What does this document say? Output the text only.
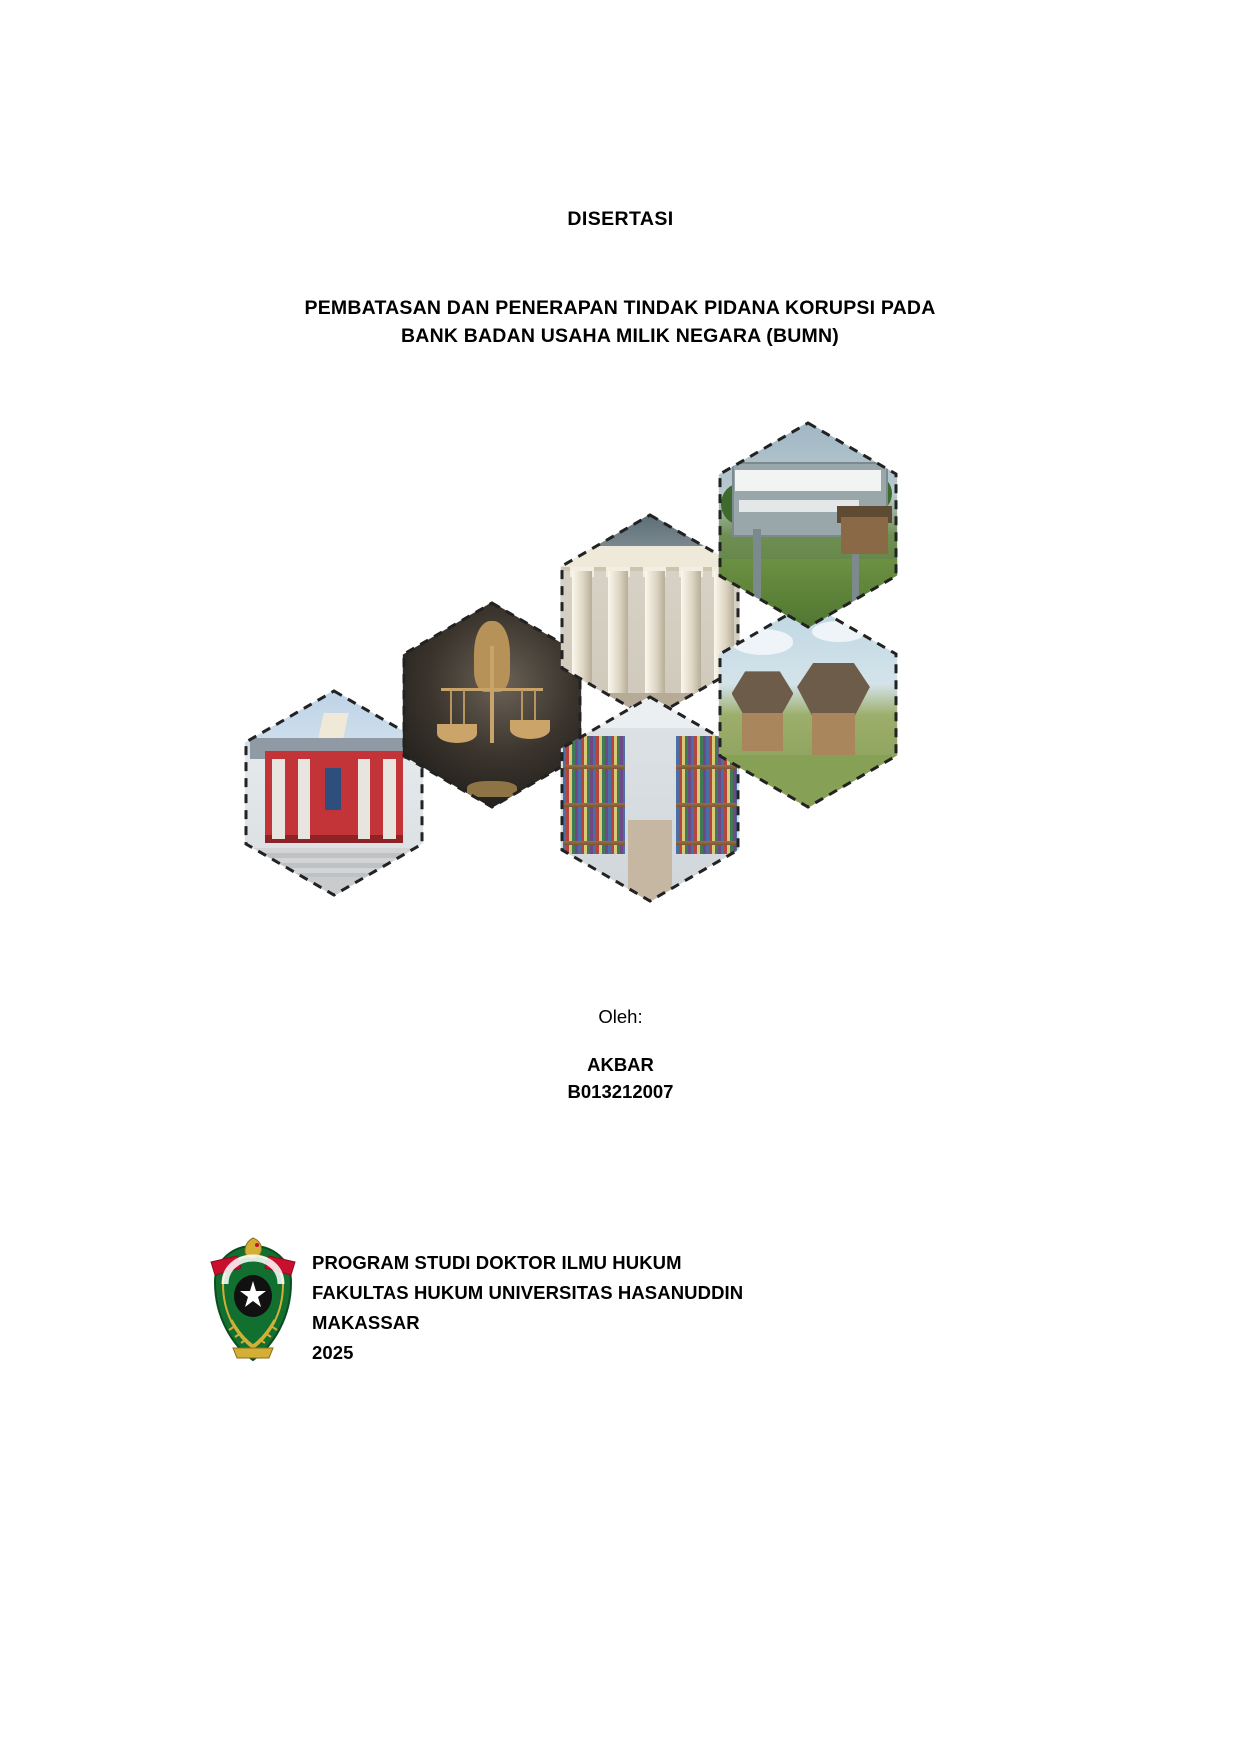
DISERTASI
PEMBATASAN DAN PENERAPAN TINDAK PIDANA KORUPSI PADA
BANK BADAN USAHA MILIK NEGARA (BUMN)
Oleh:
AKBAR
B013212007
PROGRAM STUDI DOKTOR ILMU HUKUM
FAKULTAS HUKUM UNIVERSITAS HASANUDDIN
MAKASSAR
2025
